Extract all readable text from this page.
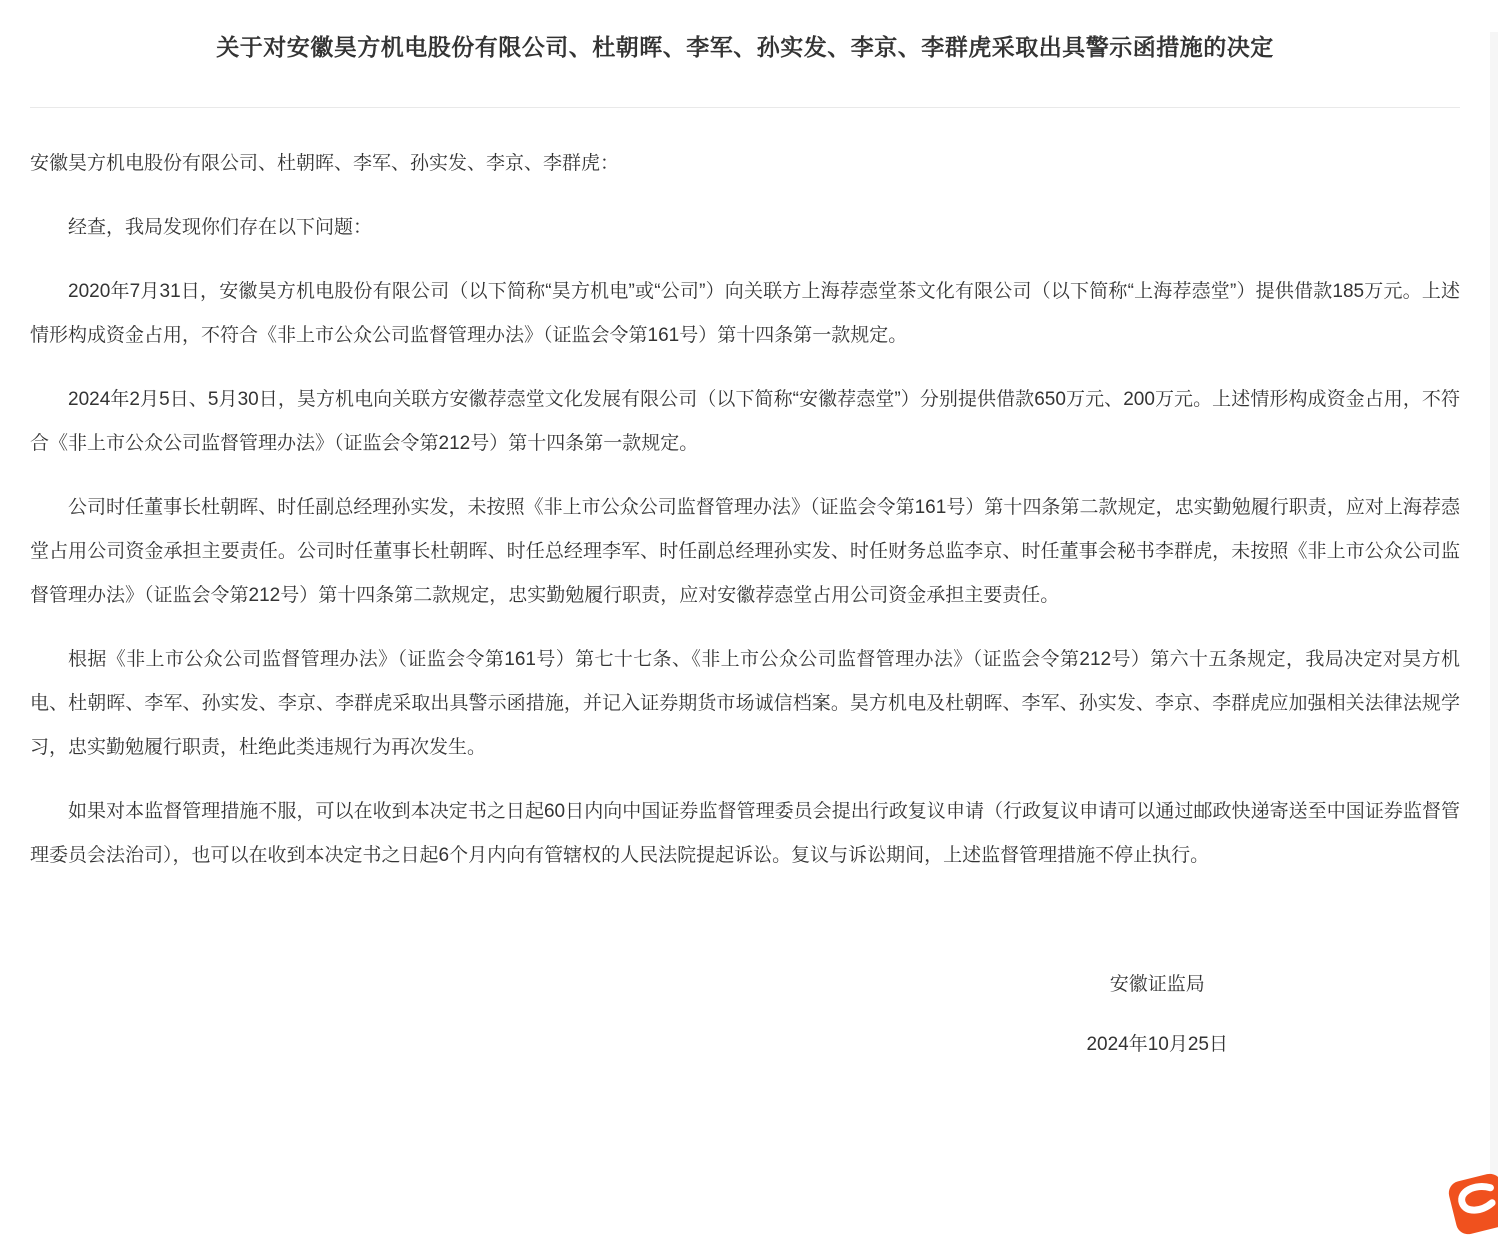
关于对安徽昊方机电股份有限公司、杜朝晖、李军、孙实发、李京、李群虎采取出具警示函措施的决定

安徽昊方机电股份有限公司、杜朝晖、李军、孙实发、李京、李群虎：

经查，我局发现你们存在以下问题：

2020年7月31日，安徽昊方机电股份有限公司（以下简称“昊方机电”或“公司”）向关联方上海荐悫堂茶文化有限公司（以下简称“上海荐悫堂”）提供借款185万元。上述情形构成资金占用，不符合《非上市公众公司监督管理办法》（证监会令第161号）第十四条第一款规定。

2024年2月5日、5月30日，昊方机电向关联方安徽荐悫堂文化发展有限公司（以下简称“安徽荐悫堂”）分别提供借款650万元、200万元。上述情形构成资金占用，不符合《非上市公众公司监督管理办法》（证监会令第212号）第十四条第一款规定。

公司时任董事长杜朝晖、时任副总经理孙实发，未按照《非上市公众公司监督管理办法》（证监会令第161号）第十四条第二款规定，忠实勤勉履行职责，应对上海荐悫堂占用公司资金承担主要责任。公司时任董事长杜朝晖、时任总经理李军、时任副总经理孙实发、时任财务总监李京、时任董事会秘书李群虎，未按照《非上市公众公司监督管理办法》（证监会令第212号）第十四条第二款规定，忠实勤勉履行职责，应对安徽荐悫堂占用公司资金承担主要责任。

根据《非上市公众公司监督管理办法》（证监会令第161号）第七十七条、《非上市公众公司监督管理办法》（证监会令第212号）第六十五条规定，我局决定对昊方机电、杜朝晖、李军、孙实发、李京、李群虎采取出具警示函措施，并记入证券期货市场诚信档案。昊方机电及杜朝晖、李军、孙实发、李京、李群虎应加强相关法律法规学习，忠实勤勉履行职责，杜绝此类违规行为再次发生。

如果对本监督管理措施不服，可以在收到本决定书之日起60日内向中国证券监督管理委员会提出行政复议申请（行政复议申请可以通过邮政快递寄送至中国证券监督管理委员会法治司），也可以在收到本决定书之日起6个月内向有管辖权的人民法院提起诉讼。复议与诉讼期间，上述监督管理措施不停止执行。

安徽证监局

2024年10月25日
